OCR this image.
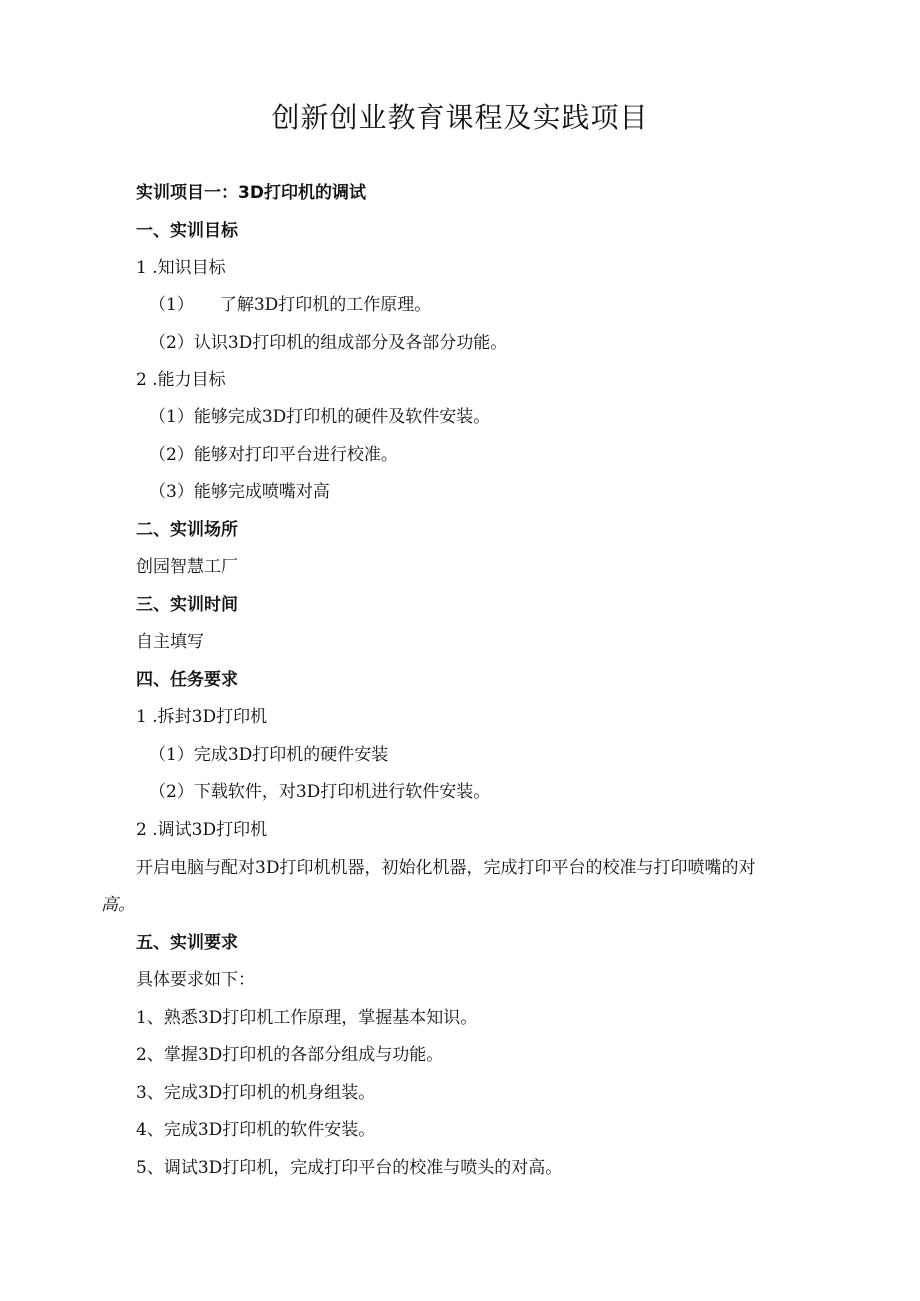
创新创业教育课程及实践项目
实训项目一：3D打印机的调试
一、实训目标
1 .知识目标
（1） 了解3D打印机的工作原理。
（2）认识3D打印机的组成部分及各部分功能。
2 .能力目标
（1）能够完成3D打印机的硬件及软件安装。
（2）能够对打印平台进行校准。
（3）能够完成喷嘴对高
二、实训场所
创园智慧工厂
三、实训时间
自主填写
四、任务要求
1 .拆封3D打印机
（1）完成3D打印机的硬件安装
（2）下载软件，对3D打印机进行软件安装。
2 .调试3D打印机
开启电脑与配对3D打印机机器，初始化机器，完成打印平台的校准与打印喷嘴的对
高。
五、实训要求
具体要求如下：
1、熟悉3D打印机工作原理，掌握基本知识。
2、掌握3D打印机的各部分组成与功能。
3、完成3D打印机的机身组装。
4、完成3D打印机的软件安装。
5、调试3D打印机，完成打印平台的校准与喷头的对高。
